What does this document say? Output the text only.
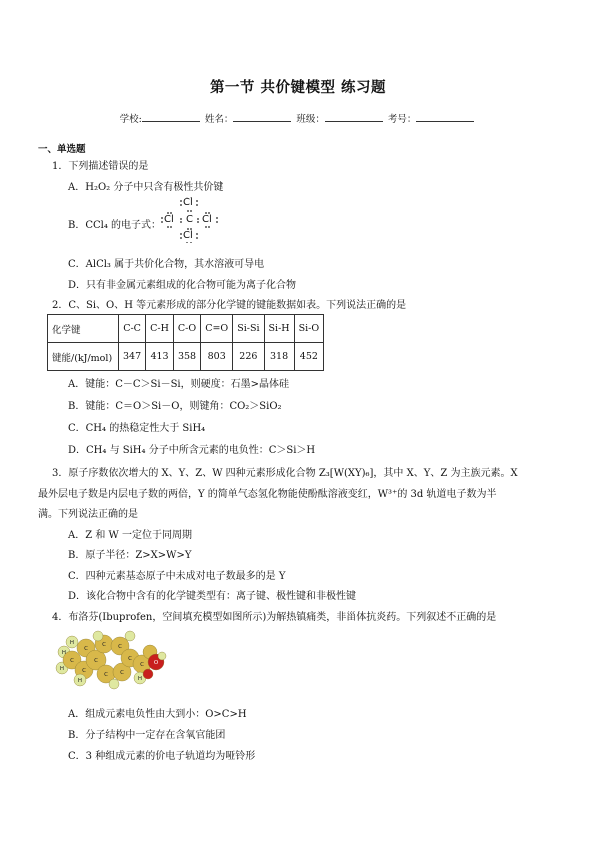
第一节 共价键模型 练习题
学校:	姓名：	班级：	考号：
一、单选题
1．下列描述错误的是
A．H₂O₂ 分子中只含有极性共价键
B．CCl₄ 的电子式：
Cl
Cl C Cl
Cl
C．AlCl₃ 属于共价化合物，其水溶液可导电
D．只有非金属元素组成的化合物可能为离子化合物
2．C、Si、O、H 等元素形成的部分化学键的键能数据如表。下列说法正确的是
化学键	C-C	C-H	C-O	C=O	Si-Si	Si-H	Si-O
键能/(kJ/mol)	347	413	358	803	226	318	452
A．键能：C－C＞Si－Si，则硬度：石墨>晶体硅
B．键能：C＝O＞Si－O，则键角：CO₂＞SiO₂
C．CH₄ 的热稳定性大于 SiH₄
D．CH₄ 与 SiH₄ 分子中所含元素的电负性：C＞Si＞H
3．原子序数依次增大的 X、Y、Z、W 四种元素形成化合物 Z₃[W(XY)₆]，其中 X、Y、Z 为主族元素。X
最外层电子数是内层电子数的两倍，Y 的简单气态氢化物能使酚酞溶液变红，W³⁺的 3d 轨道电子数为半
满。下列说法正确的是
A．Z 和 W 一定位于同周期
B．原子半径：Z>X>W>Y
C．四种元素基态原子中未成对电子数最多的是 Y
D．该化合物中含有的化学键类型有：离子键、极性键和非极性键
4．布洛芬(Ibuprofen，空间填充模型如图所示)为解热镇痛类，非甾体抗炎药。下列叙述不正确的是
H
H
H
C
C
C
H
C
C
C
C
C
C
C
H
O
A．组成元素电负性由大到小：O>C>H
B．分子结构中一定存在含氧官能团
C．3 种组成元素的价电子轨道均为哑铃形
